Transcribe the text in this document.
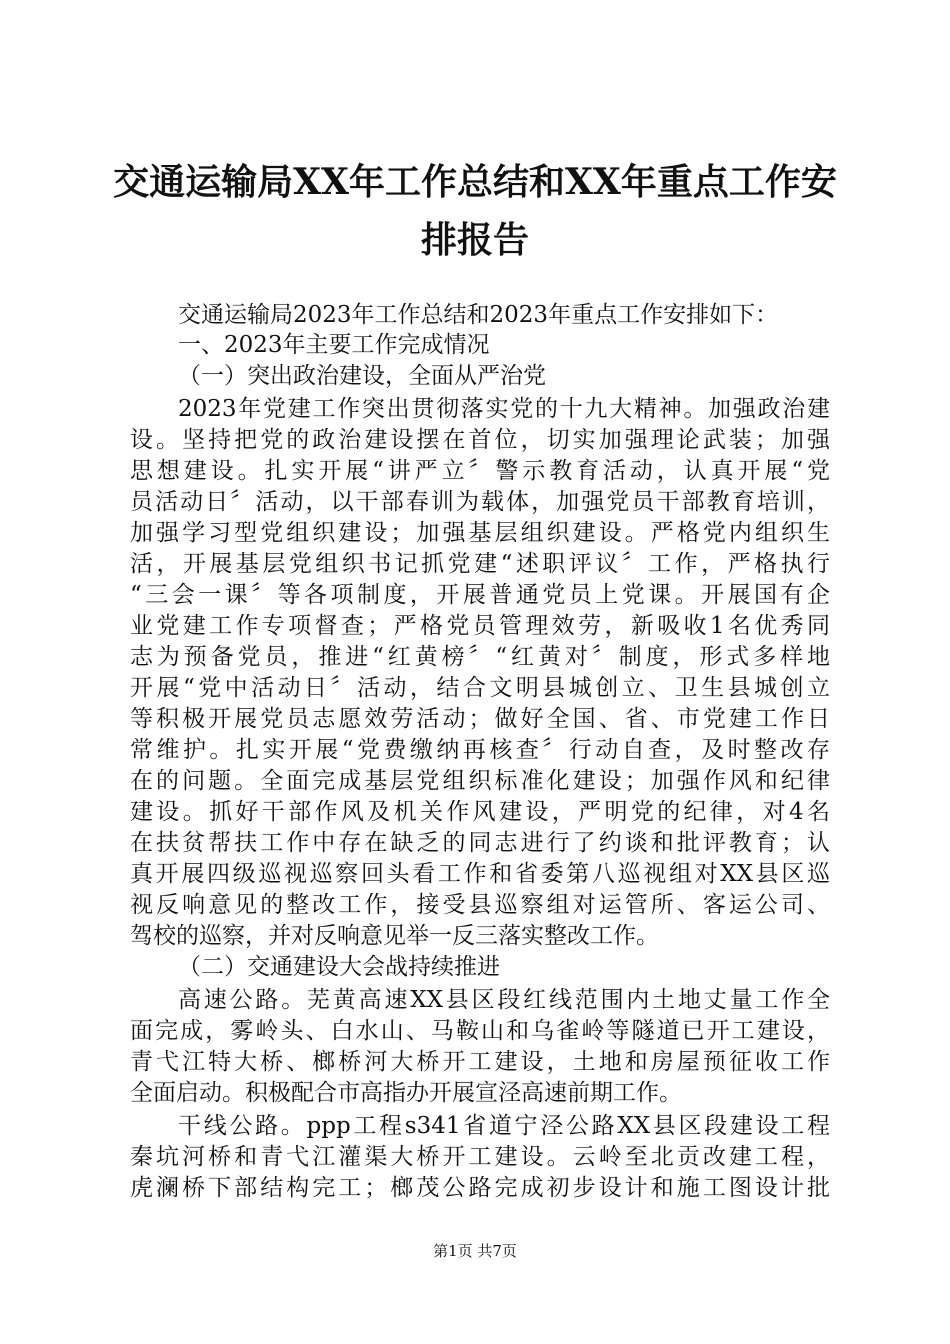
交通运输局XX年工作总结和XX年重点工作安
排报告
交通运输局2023年工作总结和2023年重点工作安排如下：
一、2023年主要工作完成情况
（一）突出政治建设，全面从严治党
2023年党建工作突出贯彻落实党的十九大精神。加强政治建
设。坚持把党的政治建设摆在首位，切实加强理论武装；加强
思想建设。扎实开展“讲严立〞警示教育活动，认真开展“党
员活动日〞活动，以干部春训为载体，加强党员干部教育培训，
加强学习型党组织建设；加强基层组织建设。严格党内组织生
活，开展基层党组织书记抓党建“述职评议〞工作，严格执行
“三会一课〞等各项制度，开展普通党员上党课。开展国有企
业党建工作专项督查；严格党员管理效劳，新吸收1名优秀同
志为预备党员，推进“红黄榜〞“红黄对〞制度，形式多样地
开展“党中活动日〞活动，结合文明县城创立、卫生县城创立
等积极开展党员志愿效劳活动；做好全国、省、市党建工作日
常维护。扎实开展“党费缴纳再核查〞行动自查，及时整改存
在的问题。全面完成基层党组织标准化建设；加强作风和纪律
建设。抓好干部作风及机关作风建设，严明党的纪律，对4名
在扶贫帮扶工作中存在缺乏的同志进行了约谈和批评教育；认
真开展四级巡视巡察回头看工作和省委第八巡视组对XX县区巡
视反响意见的整改工作，接受县巡察组对运管所、客运公司、
驾校的巡察，并对反响意见举一反三落实整改工作。
（二）交通建设大会战持续推进
高速公路。芜黄高速XX县区段红线范围内土地丈量工作全
面完成，雾岭头、白水山、马鞍山和乌雀岭等隧道已开工建设，
青弋江特大桥、榔桥河大桥开工建设，土地和房屋预征收工作
全面启动。积极配合市高指办开展宣泾高速前期工作。
干线公路。ppp工程s341省道宁泾公路XX县区段建设工程
秦坑河桥和青弋江灌渠大桥开工建设。云岭至北贡改建工程，
虎澜桥下部结构完工；榔茂公路完成初步设计和施工图设计批
第1页 共7页
